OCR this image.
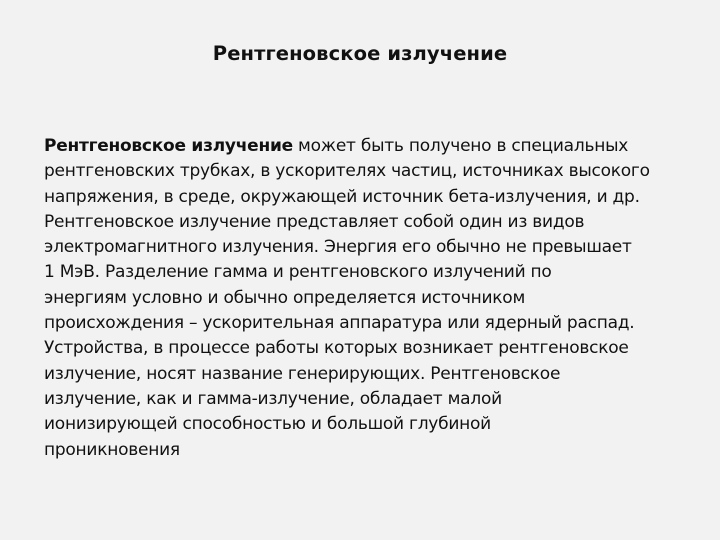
Рентгеновское излучение

Рентгеновское излучение может быть получено в специальных
рентгеновских трубках, в ускорителях частиц, источниках высокого
напряжения, в среде, окружающей источник бета-излучения, и др.
Рентгеновское излучение представляет собой один из видов
электромагнитного излучения. Энергия его обычно не превышает
1 МэВ. Разделение гамма и рентгеновского излучений по
энергиям условно и обычно определяется источником
происхождения – ускорительная аппаратура или ядерный распад.
Устройства, в процессе работы которых возникает рентгеновское
излучение, носят название генерирующих. Рентгеновское
излучение, как и гамма-излучение, обладает малой
ионизирующей способностью и большой глубиной
проникновения
